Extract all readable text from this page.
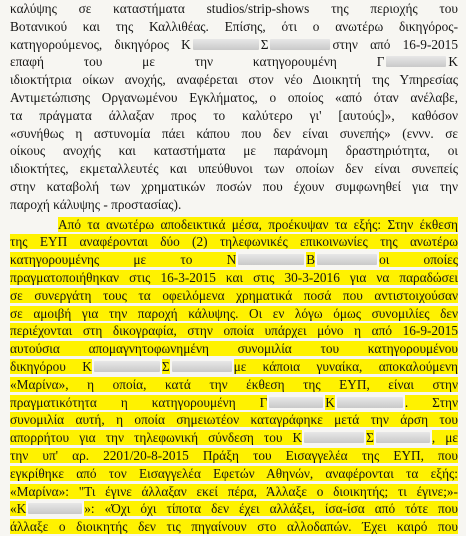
καλύψης σε καταστήματα studios/strip-shows της περιοχής του
Βοτανικού και της Καλλιθέας. Επίσης, ότι ο ανωτέρω δικηγόρος-
κατηγορούμενος, δικηγόρος Κ	Σ	στην από 16-9-2015
επαφή του με την κατηγορουμένη Γ	Κ
ιδιοκτήτρια οίκων ανοχής, αναφέρεται στον νέο Διοικητή της Υπηρεσίας
Αντιμετώπισης Οργανωμένου Εγκλήματος, ο οποίος «από όταν ανέλαβε,
τα πράγματα άλλαξαν προς το καλύτερο γι' [αυτούς]», καθόσον
«συνήθως η αστυνομία πάει κάπου που δεν είναι συνεπής» (εννν. σε
οίκους ανοχής και καταστήματα με παράνομη δραστηριότητα, οι
ιδιοκτήτες, εκμεταλλευτές και υπεύθυνοι των οποίων δεν είναι συνεπείς
στην καταβολή των χρηματικών ποσών που έχουν συμφωνηθεί για την
παροχή κάλυψης - προστασίας).
Από τα ανωτέρω αποδεικτικά μέσα, προέκυψαν τα εξής: Στην έκθεση
της ΕΥΠ αναφέρονται δύο (2) τηλεφωνικές επικοινωνίες της ανωτέρω
κατηγορουμένης με το Ν	Β	οι οποίες
πραγματοποιήθηκαν στις 16-3-2015 και στις 30-3-2016 για να παραδώσει
σε συνεργάτη τους τα οφειλόμενα χρηματικά ποσά που αντιστοιχούσαν
σε αμοιβή για την παροχή κάλυψης. Οι εν λόγω όμως συνομιλίες δεν
περιέχονται στη δικογραφία, στην οποία υπάρχει μόνο η από 16-9-2015
αυτούσια απομαγνητοφωνημένη συνομιλία του κατηγορουμένου
δικηγόρου Κ	Σ	με κάποια γυναίκα, αποκαλούμενη
«Μαρίνα», η οποία, κατά την έκθεση της ΕΥΠ, είναι στην
πραγματικότητα η κατηγορουμένη Γ	Κ	. Στην
συνομιλία αυτή, η οποία σημειωτέον καταγράφηκε μετά την άρση του
απορρήτου για την τηλεφωνική σύνδεση του Κ	Σ	, με
την υπ' αρ. 2201/20-8-2015 Πράξη του Εισαγγελέα της ΕΥΠ, που
εγκρίθηκε από τον Εισαγγελέα Εφετών Αθηνών, αναφέρονται τα εξής:
«Μαρίνα»: "Τι έγινε άλλαξαν εκεί πέρα, Άλλαξε ο διοικητής; τι έγινε;»-
«Κ	»: «Όχι όχι τίποτα δεν έχει αλλάξει, ίσα-ίσα από τότε που
άλλαξε ο διοικητής δεν τις πηγαίνουν στο αλλοδαπών. Έχει καιρό που
